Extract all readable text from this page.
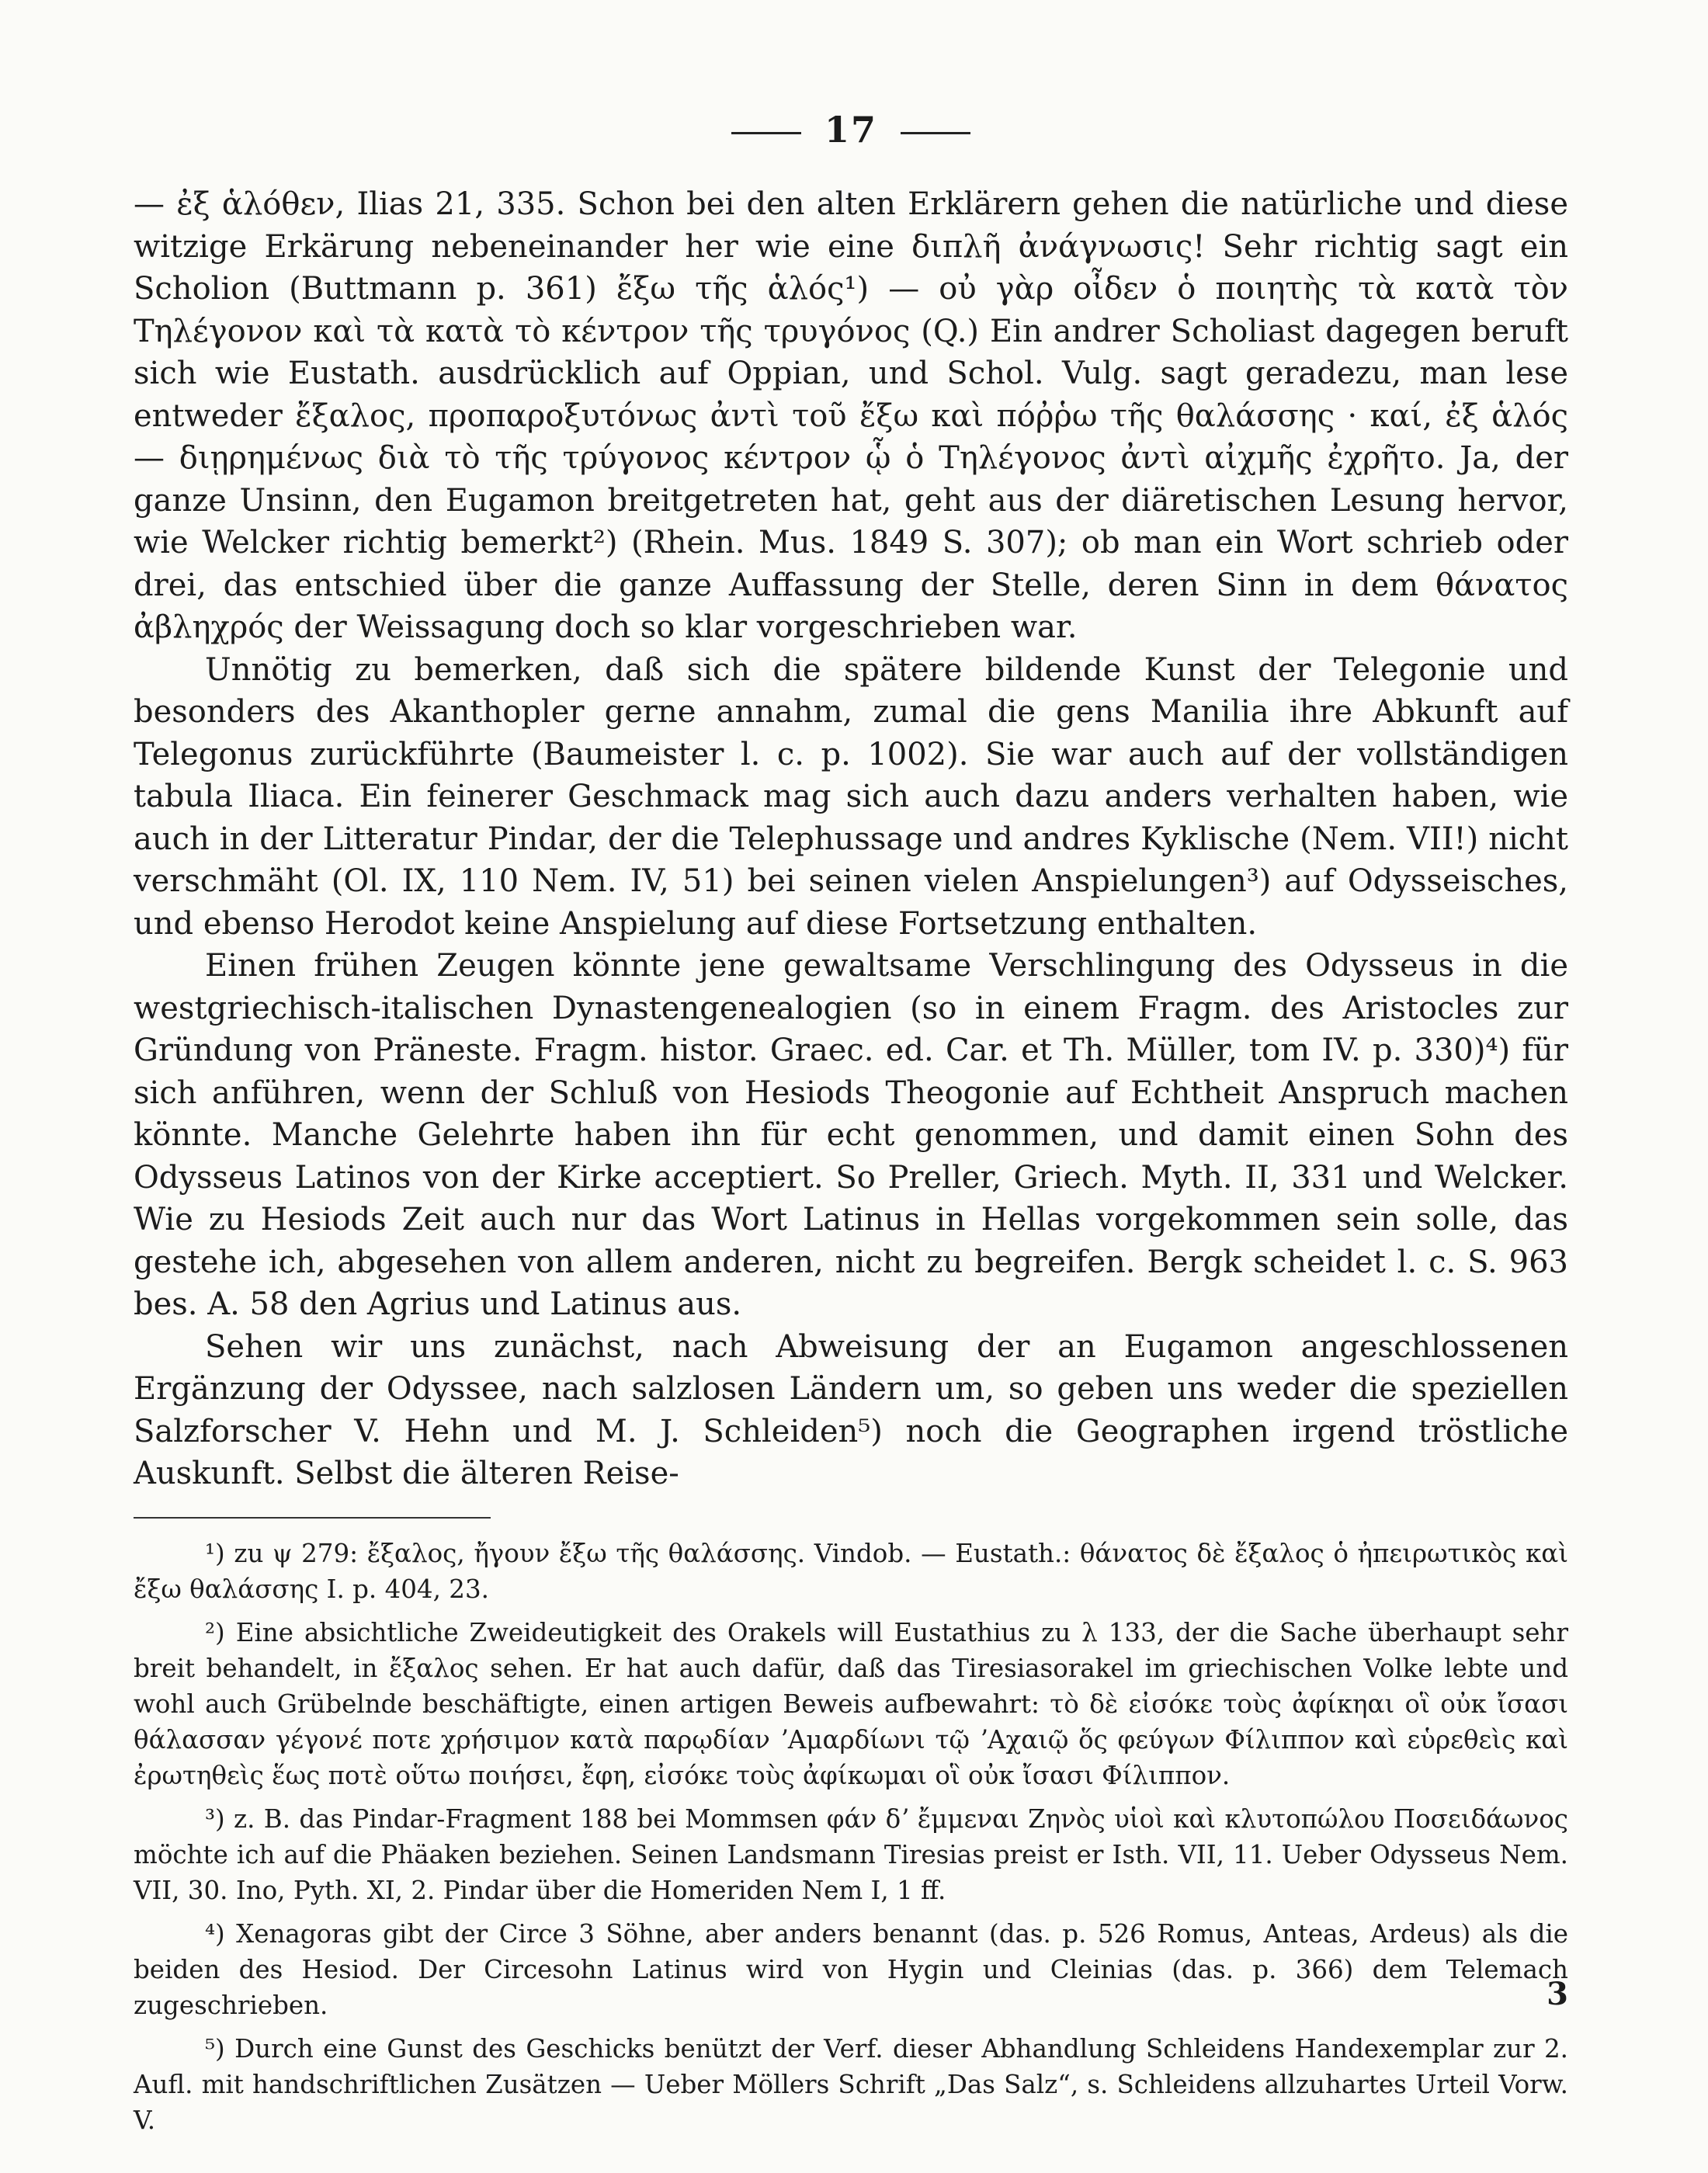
17

— ἐξ ἁλόθεν, Ilias 21, 335. Schon bei den alten Erklärern gehen die natürliche und diese witzige Erkärung nebeneinander her wie eine διπλῆ ἀνάγνωσις! Sehr richtig sagt ein Scholion (Buttmann p. 361) ἔξω τῆς ἁλός¹) — οὐ γὰρ οἶδεν ὁ ποιητὴς τὰ κατὰ τὸν Τηλέγονον καὶ τὰ κατὰ τὸ κέντρον τῆς τρυγόνος (Q.) Ein andrer Scholiast dagegen beruft sich wie Eustath. ausdrücklich auf Oppian, und Schol. Vulg. sagt geradezu, man lese entweder ἔξαλος, προπαροξυτόνως ἀντὶ τοῦ ἔξω καὶ πόῤῥω τῆς θαλάσσης · καί, ἐξ ἁλός — διῃρημένως διὰ τὸ τῆς τρύγονος κέντρον ᾧ ὁ Τηλέγονος ἀντὶ αἰχμῆς ἐχρῆτο. Ja, der ganze Unsinn, den Eugamon breitgetreten hat, geht aus der diäretischen Lesung hervor, wie Welcker richtig bemerkt²) (Rhein. Mus. 1849 S. 307); ob man ein Wort schrieb oder drei, das entschied über die ganze Auffassung der Stelle, deren Sinn in dem θάνατος ἀβληχρός der Weissagung doch so klar vorgeschrieben war.

Unnötig zu bemerken, daß sich die spätere bildende Kunst der Telegonie und besonders des Akanthopler gerne annahm, zumal die gens Manilia ihre Abkunft auf Telegonus zurückführte (Baumeister l. c. p. 1002). Sie war auch auf der vollständigen tabula Iliaca. Ein feinerer Geschmack mag sich auch dazu anders verhalten haben, wie auch in der Litteratur Pindar, der die Telephussage und andres Kyklische (Nem. VII!) nicht verschmäht (Ol. IX, 110 Nem. IV, 51) bei seinen vielen Anspielungen³) auf Odysseisches, und ebenso Herodot keine Anspielung auf diese Fortsetzung enthalten.

Einen frühen Zeugen könnte jene gewaltsame Verschlingung des Odysseus in die westgriechisch-italischen Dynastengenealogien (so in einem Fragm. des Aristocles zur Gründung von Präneste. Fragm. histor. Graec. ed. Car. et Th. Müller, tom IV. p. 330)⁴) für sich anführen, wenn der Schluß von Hesiods Theogonie auf Echtheit Anspruch machen könnte. Manche Gelehrte haben ihn für echt genommen, und damit einen Sohn des Odysseus Latinos von der Kirke acceptiert. So Preller, Griech. Myth. II, 331 und Welcker. Wie zu Hesiods Zeit auch nur das Wort Latinus in Hellas vorgekommen sein solle, das gestehe ich, abgesehen von allem anderen, nicht zu begreifen. Bergk scheidet l. c. S. 963 bes. A. 58 den Agrius und Latinus aus.

Sehen wir uns zunächst, nach Abweisung der an Eugamon angeschlossenen Ergänzung der Odyssee, nach salzlosen Ländern um, so geben uns weder die speziellen Salzforscher V. Hehn und M. J. Schleiden⁵) noch die Geographen irgend tröstliche Auskunft. Selbst die älteren Reise-

¹) zu ψ 279: ἔξαλος, ἤγουν ἔξω τῆς θαλάσσης. Vindob. — Eustath.: θάνατος δὲ ἔξαλος ὁ ἠπειρωτικὸς καὶ ἔξω θαλάσσης I. p. 404, 23.

²) Eine absichtliche Zweideutigkeit des Orakels will Eustathius zu λ 133, der die Sache überhaupt sehr breit behandelt, in ἔξαλος sehen. Er hat auch dafür, daß das Tiresiasorakel im griechischen Volke lebte und wohl auch Grübelnde beschäftigte, einen artigen Beweis aufbewahrt: τὸ δὲ εἰσόκε τοὺς ἀφίκηαι οἳ οὐκ ἴσασι θάλασσαν γέγονέ ποτε χρήσιμον κατὰ παρῳδίαν ʼΑμαρδίωνι τῷ ʼΑχαιῷ ὅς φεύγων Φίλιππον καὶ εὑρεθεὶς καὶ ἐρωτηθεὶς ἕως ποτὲ οὕτω ποιήσει, ἔφη, εἰσόκε τοὺς ἀφίκωμαι οἳ οὐκ ἴσασι Φίλιππον.

³) z. B. das Pindar-Fragment 188 bei Mommsen φάν δʼ ἔμμεναι Ζηνὸς υἱοὶ καὶ κλυτοπώλου Ποσειδάωνος möchte ich auf die Phäaken beziehen. Seinen Landsmann Tiresias preist er Isth. VII, 11. Ueber Odysseus Nem. VII, 30. Ino, Pyth. XI, 2. Pindar über die Homeriden Nem I, 1 ff.

⁴) Xenagoras gibt der Circe 3 Söhne, aber anders benannt (das. p. 526 Romus, Anteas, Ardeus) als die beiden des Hesiod. Der Circesohn Latinus wird von Hygin und Cleinias (das. p. 366) dem Telemach zugeschrieben.

⁵) Durch eine Gunst des Geschicks benützt der Verf. dieser Abhandlung Schleidens Handexemplar zur 2. Aufl. mit handschriftlichen Zusätzen — Ueber Möllers Schrift „Das Salz“, s. Schleidens allzuhartes Urteil Vorw. V.

3
